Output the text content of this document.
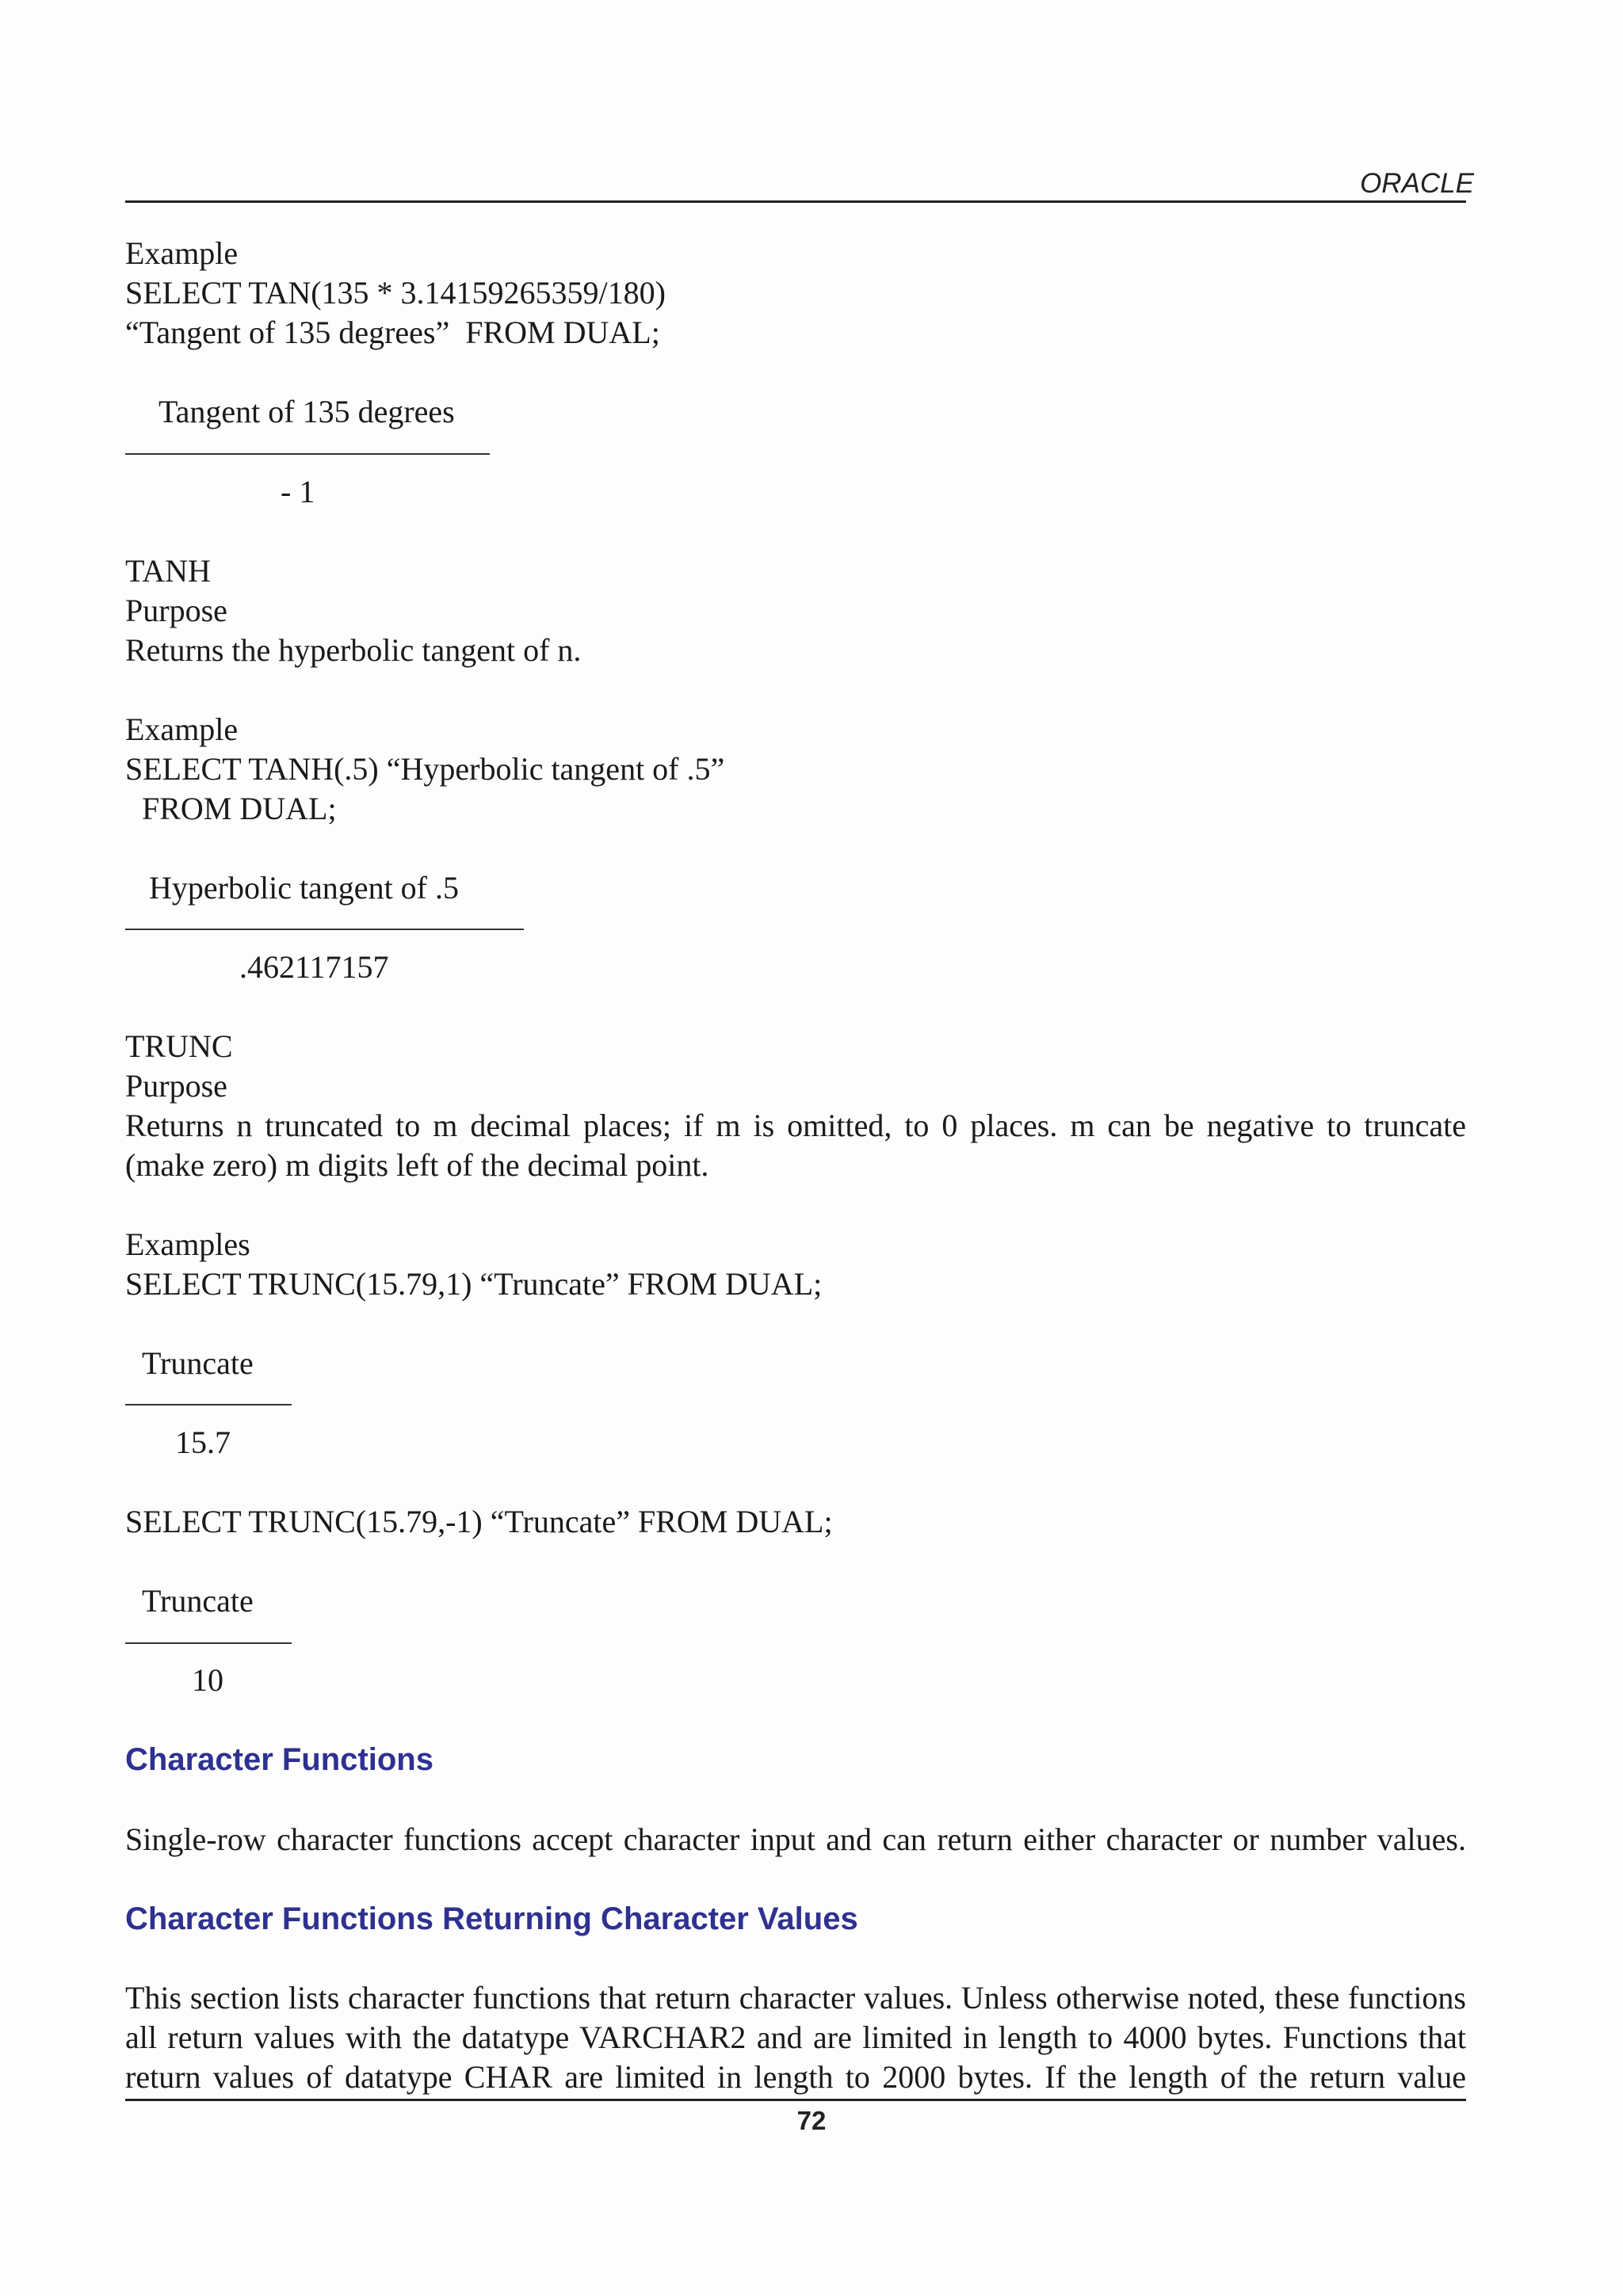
ORACLE
Example
SELECT TAN(135 * 3.14159265359/180)
“Tangent of 135 degrees”  FROM DUAL;
Tangent of 135 degrees
- 1
TANH
Purpose
Returns the hyperbolic tangent of n.
Example
SELECT TANH(.5) “Hyperbolic tangent of .5”
FROM DUAL;
Hyperbolic tangent of .5
.462117157
TRUNC
Purpose
Returns n truncated to m decimal places; if m is omitted, to 0 places. m can be negative to truncate
(make zero) m digits left of the decimal point.
Examples
SELECT TRUNC(15.79,1) “Truncate” FROM DUAL;
Truncate
15.7
SELECT TRUNC(15.79,-1) “Truncate” FROM DUAL;
Truncate
10
Character Functions
Single-row character functions accept character input and can return either character or number values.
Character Functions Returning Character Values
This section lists character functions that return character values. Unless otherwise noted, these functions
all return values with the datatype VARCHAR2 and are limited in length to 4000 bytes. Functions that
return values of datatype CHAR are limited in length to 2000 bytes. If the length of the return value
72
